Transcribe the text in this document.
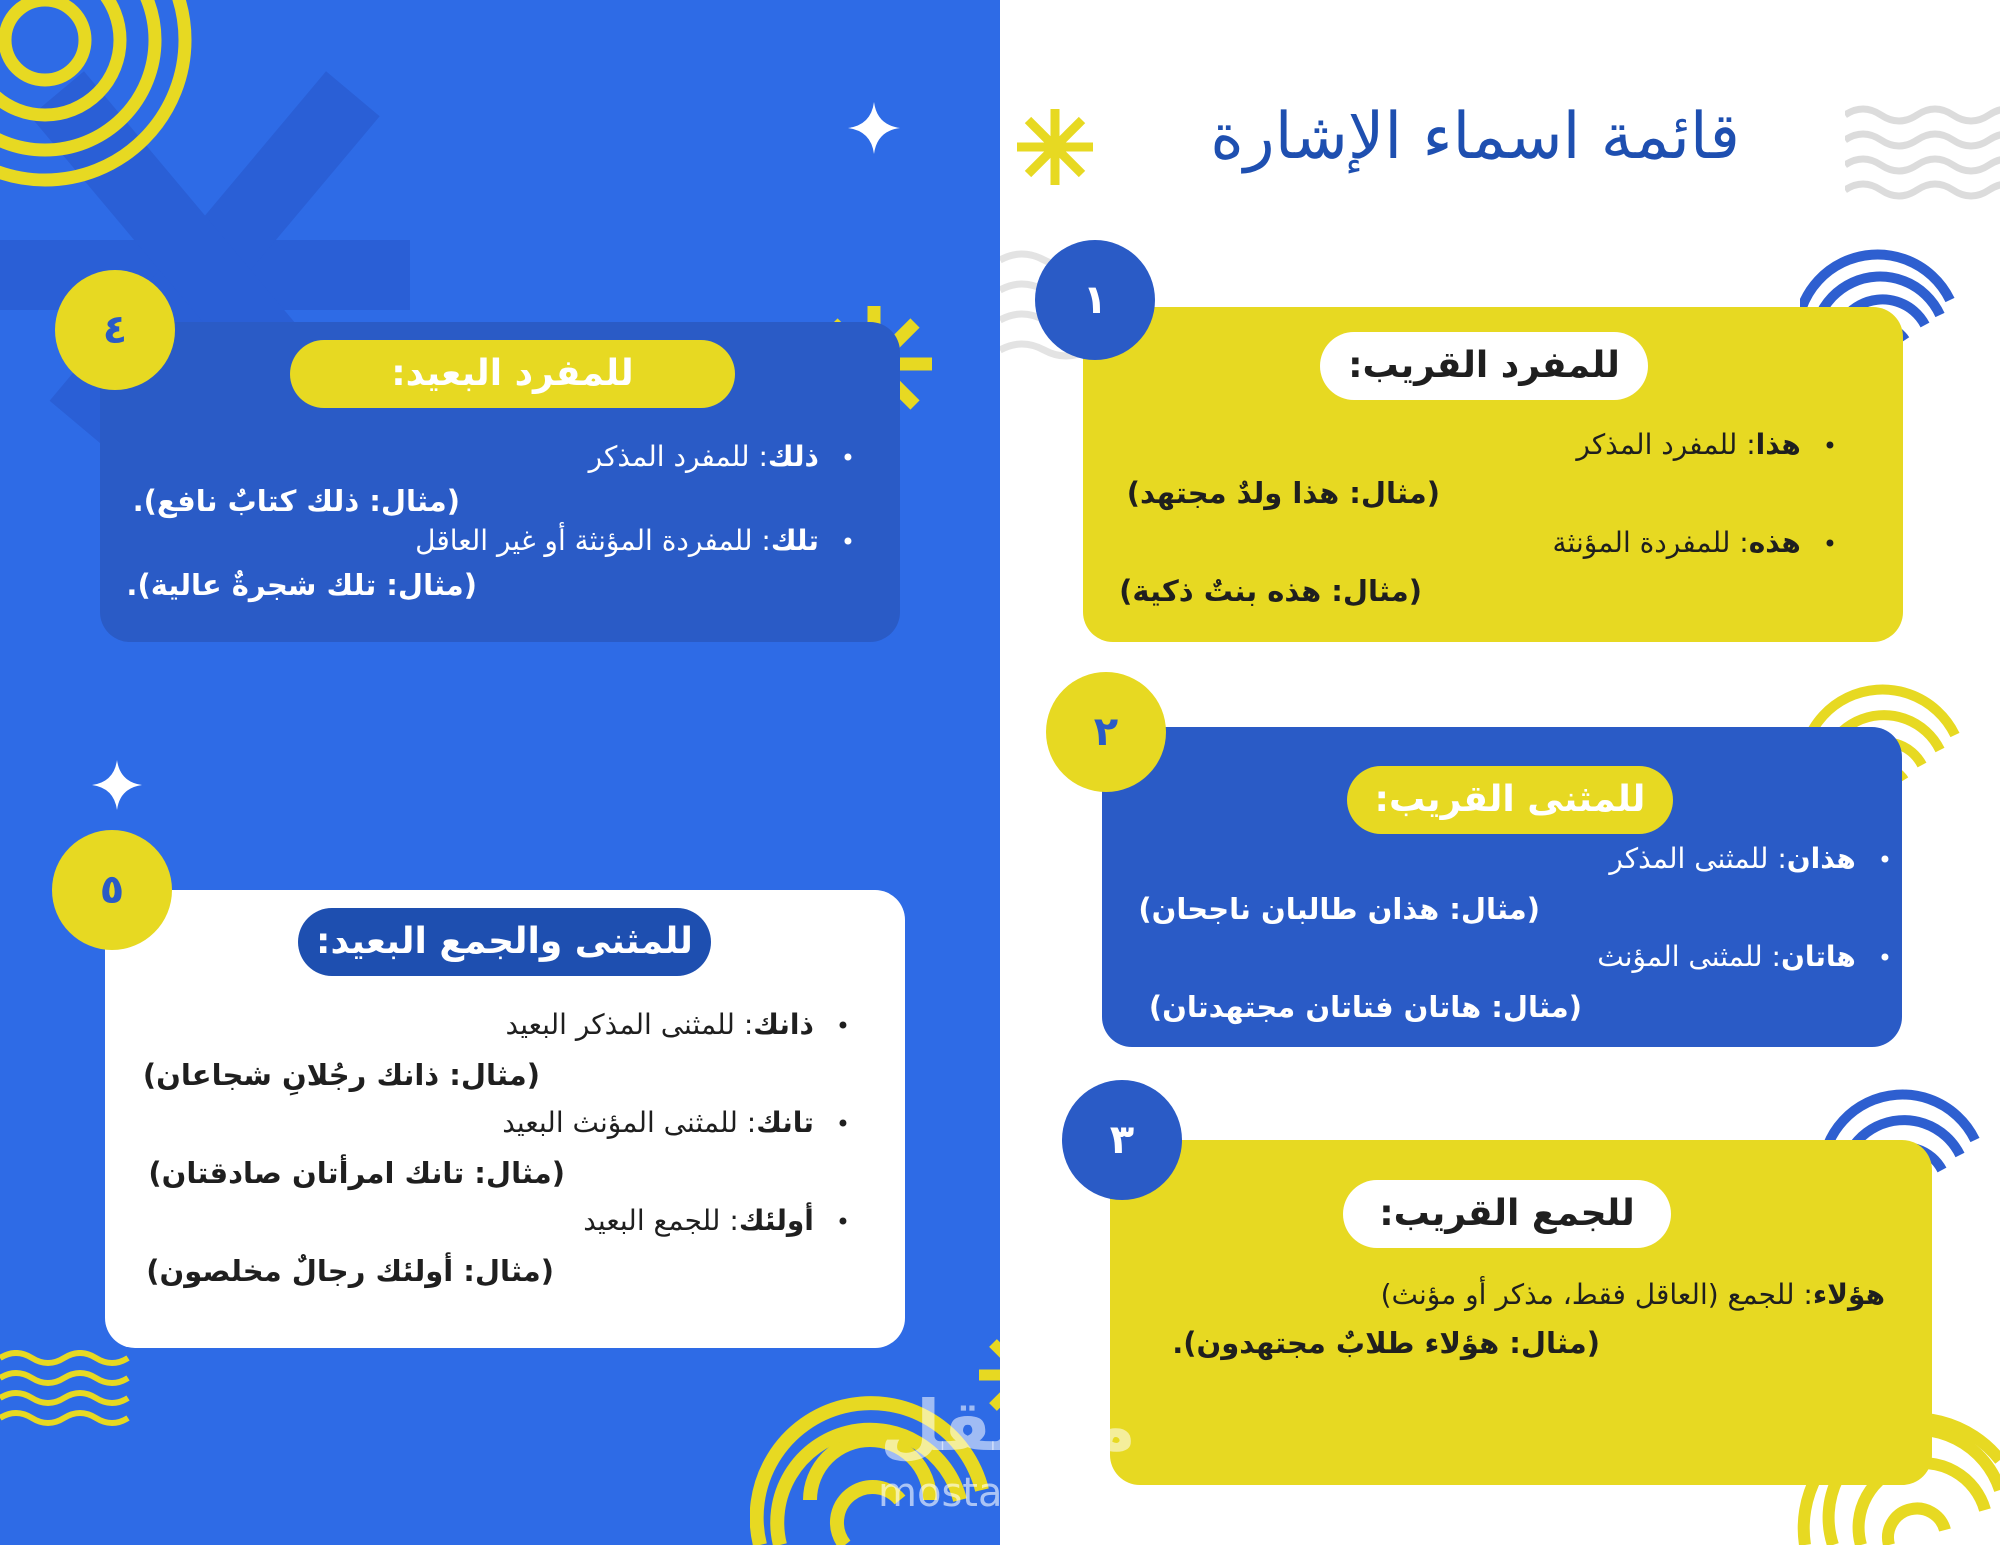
قائمة اسماء الإشارة
١
للمفرد القريب:
•هذا: للمفرد المذكر
(مثال: هذا ولدٌ مجتهد)
•هذه: للمفردة المؤنثة
(مثال: هذه بنتٌ ذكية)
٢
للمثنى القريب:
•هذان: للمثنى المذكر
(مثال: هذان طالبان ناجحان)
•هاتان: للمثنى المؤنث
(مثال: هاتان فتاتان مجتهدتان)
٣
للجمع القريب:
هؤلاء: للجمع (العاقل فقط، مذكر أو مؤنث)
(مثال: هؤلاء طلابٌ مجتهدون).
٤
للمفرد البعيد:
•ذلك: للمفرد المذكر
(مثال: ذلك كتابٌ نافع).
•تلك: للمفردة المؤنثة أو غير العاقل
(مثال: تلك شجرةٌ عالية).
٥
للمثنى والجمع البعيد:
•ذانك: للمثنى المذكر البعيد
(مثال: ذانك رجُلانِ شجاعان)
•تانك: للمثنى المؤنث البعيد
(مثال: تانك امرأتان صادقتان)
•أولئك: للجمع البعيد
(مثال: أولئك رجالٌ مخلصون)
مستقل
mostaql.com
